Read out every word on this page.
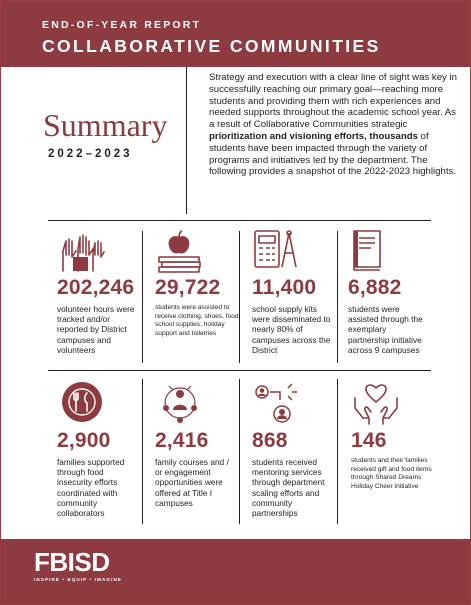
END-OF-YEAR REPORT
COLLABORATIVE COMMUNITIES
Summary
2022–2023
Strategy and execution with a clear line of sight was key in successfully reaching our primary goal—reaching more students and providing them with rich experiences and needed supports throughout the academic school year. As a result of Collaborative Communities strategic prioritization and visioning efforts, thousands of students have been impacted through the variety of programs and initiatives led by the department. The following provides a snapshot of the 2022-2023 highlights.
202,246
volunteer hours were tracked and/or reported by District campuses and volunteers
29,722
students were assisted to receive clothing, shoes, food, school supplies, holiday support and toiletries
11,400
school supply kits were disseminated to nearly 80% of campuses across the District
6,882
students were assisted through the exemplary partnership initiative across 9 campuses
2,900
families supported through food insecurity efforts coordinated with community collaborators
2,416
family courses and / or engagement opportunities were offered at Title I campuses
868
students received mentoring services through department scaling efforts and community partnerships
146
students and their families received gift and food items through Shared Dreams Holiday Cheer initiative
FBISD
INSPIRE • EQUIP • IMAGINE
